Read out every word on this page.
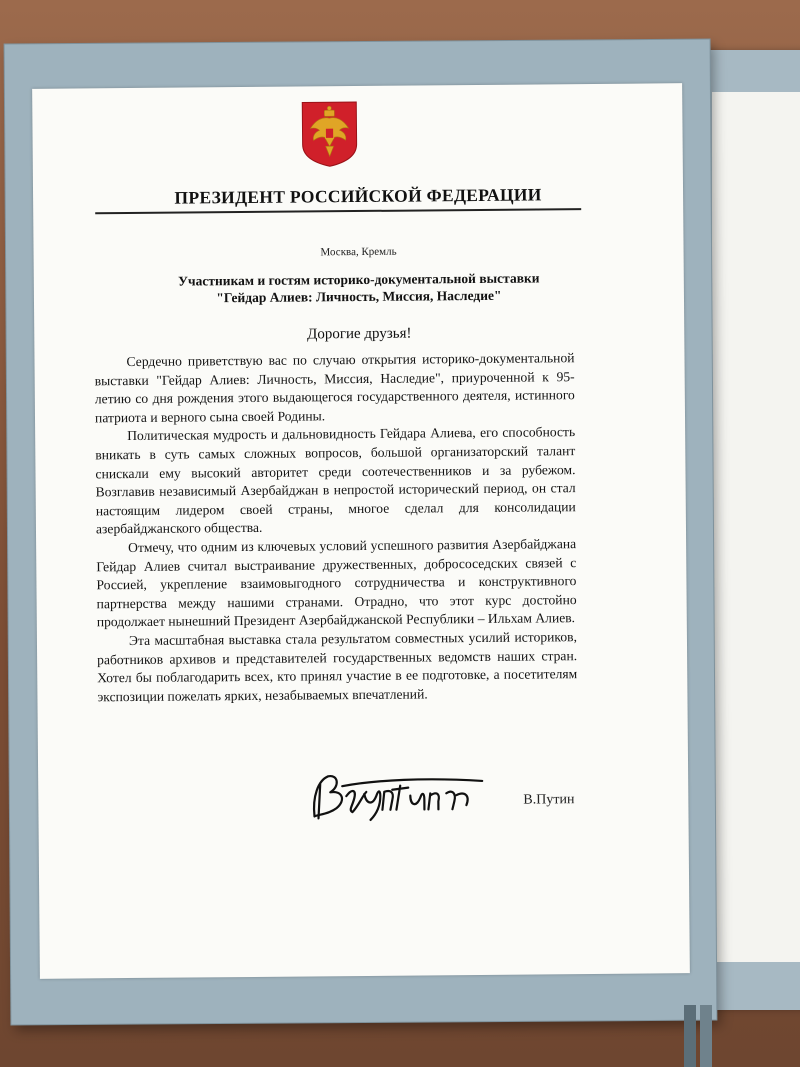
ПРЕЗИДЕНТ РОССИЙСКОЙ ФЕДЕРАЦИИ
Москва, Кремль
Участникам и гостям историко-документальной выставки
"Гейдар Алиев: Личность, Миссия, Наследие"
Дорогие друзья!

Сердечно приветствую вас по случаю открытия историко-документальной выставки "Гейдар Алиев: Личность, Миссия, Наследие", приуроченной к 95-летию со дня рождения этого выдающегося государственного деятеля, истинного патриота и верного сына своей Родины.

Политическая мудрость и дальновидность Гейдара Алиева, его способность вникать в суть самых сложных вопросов, большой организаторский талант снискали ему высокий авторитет среди соотечественников и за рубежом. Возглавив независимый Азербайджан в непростой исторический период, он стал настоящим лидером своей страны, многое сделал для консолидации азербайджанского общества.

Отмечу, что одним из ключевых условий успешного развития Азербайджана Гейдар Алиев считал выстраивание дружественных, добрососедских связей с Россией, укрепление взаимовыгодного сотрудничества и конструктивного партнерства между нашими странами. Отрадно, что этот курс достойно продолжает нынешний Президент Азербайджанской Республики – Ильхам Алиев.

Эта масштабная выставка стала результатом совместных усилий историков, работников архивов и представителей государственных ведомств наших стран. Хотел бы поблагодарить всех, кто принял участие в ее подготовке, а посетителям экспозиции пожелать ярких, незабываемых впечатлений.

В.Путин
